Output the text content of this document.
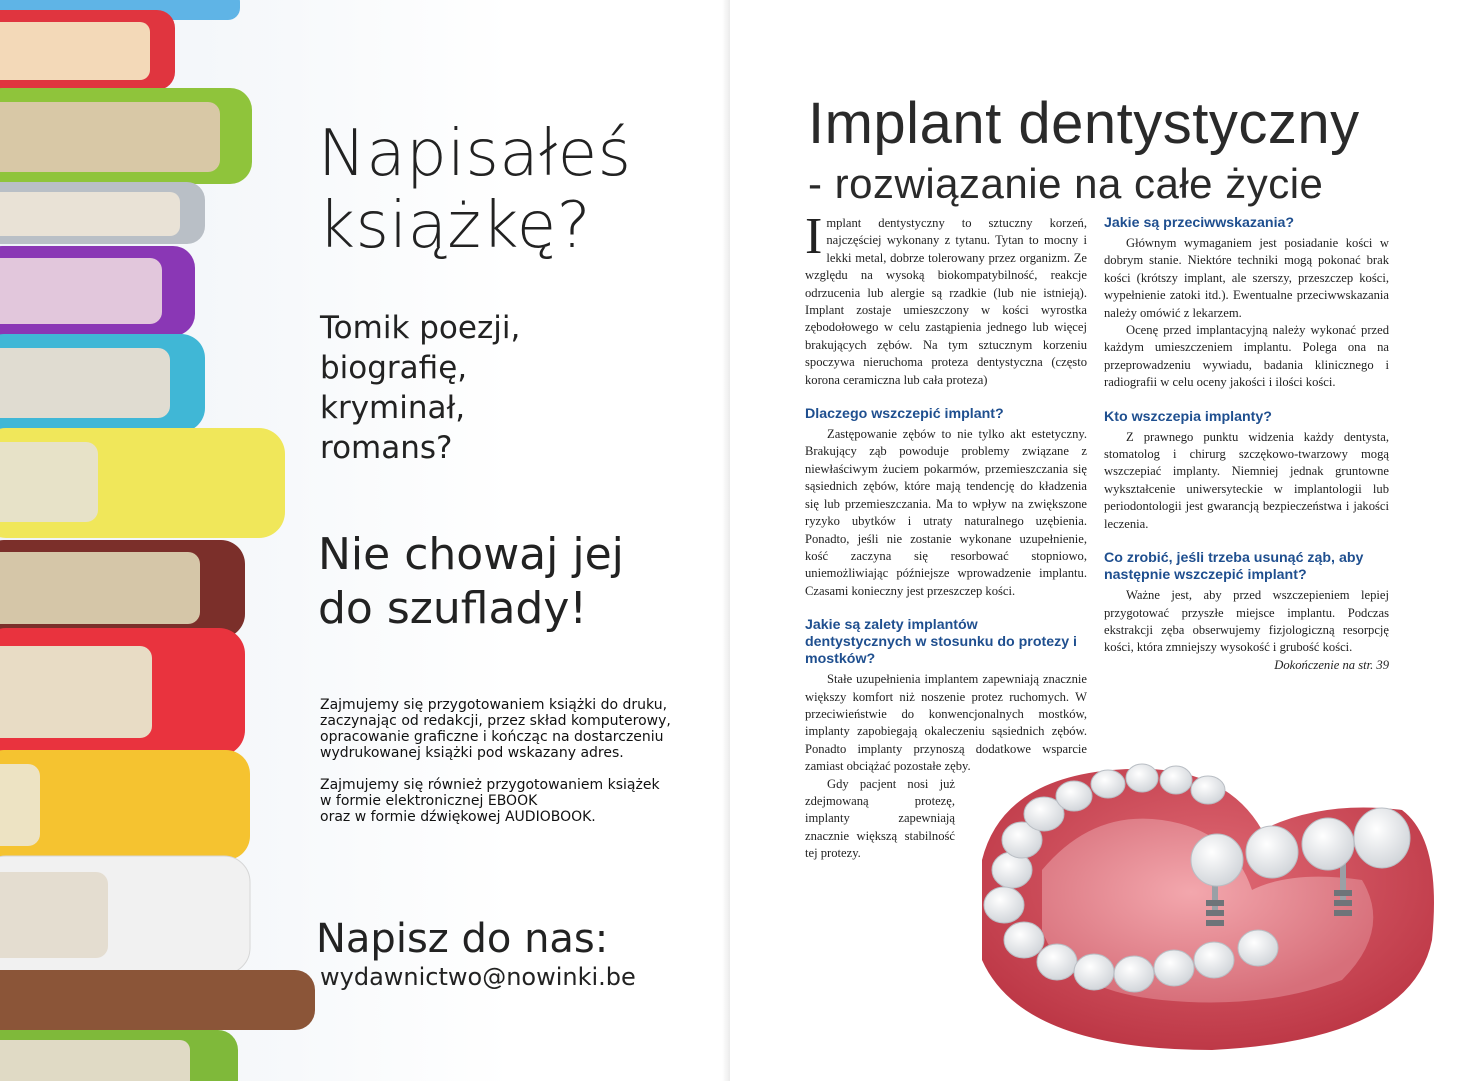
Napisałeś
książkę?
Tomik poezji,
biografię,
kryminał,
romans?
Nie chowaj jej
do szuflady!

Zajmujemy się przygotowaniem książki do druku,
zaczynając od redakcji, przez skład komputerowy,
opracowanie graficzne i kończąc na dostarczeniu
wydrukowanej książki pod wskazany adres.

Zajmujemy się również przygotowaniem książek
w formie elektronicznej EBOOK
oraz w formie dźwiękowej AUDIOBOOK.

Napisz do nas:
wydawnictwo@nowinki.be
Implant dentystyczny
- rozwiązanie na całe życie

Implant dentystyczny to sztuczny korzeń, najczęściej wykonany z tytanu. Tytan to mocny i lekki metal, dobrze tolerowany przez organizm. Ze względu na wysoką biokompatybilność, reakcje odrzucenia lub alergie są rzadkie (lub nie istnieją). Implant zostaje umieszczony w kości wyrostka zębodołowego w celu zastąpienia jednego lub więcej brakujących zębów. Na tym sztucznym korzeniu spoczywa nieruchoma proteza dentystyczna (często korona ceramiczna lub cała proteza)

Dlaczego wszczepić implant?

Zastępowanie zębów to nie tylko akt estetyczny. Brakujący ząb powoduje problemy związane z niewłaściwym żuciem pokarmów, przemieszczania się sąsiednich zębów, które mają tendencję do kładzenia się lub przemieszczania. Ma to wpływ na zwiększone ryzyko ubytków i utraty naturalnego uzębienia. Ponadto, jeśli nie zostanie wykonane uzupełnienie, kość zaczyna się resorbować stopniowo, uniemożliwiając późniejsze wprowadzenie implantu. Czasami konieczny jest przeszczep kości.

Jakie są zalety implantów dentystycznych w stosunku do protezy i mostków?

Stałe uzupełnienia implantem zapewniają znacznie większy komfort niż noszenie protez ruchomych. W przeciwieństwie do konwencjonalnych mostków, implanty zapobiegają okaleczeniu sąsiednich zębów. Ponadto implanty przynoszą dodatkowe wsparcie zamiast obciążać pozostałe zęby.

Gdy pacjent nosi już zdejmowaną protezę, implanty zapewniają znacznie większą stabilność tej protezy.

Jakie są przeciwwskazania?

Głównym wymaganiem jest posiadanie kości w dobrym stanie. Niektóre techniki mogą pokonać brak kości (krótszy implant, ale szerszy, przeszczep kości, wypełnienie zatoki itd.). Ewentualne przeciwwskazania należy omówić z lekarzem.

Ocenę przed implantacyjną należy wykonać przed każdym umieszczeniem implantu. Polega ona na przeprowadzeniu wywiadu, badania klinicznego i radiografii w celu oceny jakości i ilości kości.

Kto wszczepia implanty?

Z prawnego punktu widzenia każdy dentysta, stomatolog i chirurg szczękowo-twarzowy mogą wszczepiać implanty. Niemniej jednak gruntowne wykształcenie uniwersyteckie w implantologii lub periodontologii jest gwarancją bezpieczeństwa i jakości leczenia.

Co zrobić, jeśli trzeba usunąć ząb, aby następnie wszczepić implant?

Ważne jest, aby przed wszczepieniem lepiej przygotować przyszłe miejsce implantu. Podczas ekstrakcji zęba obserwujemy fizjologiczną resorpcję kości, która zmniejszy wysokość i grubość kości.
Dokończenie na str. 39
